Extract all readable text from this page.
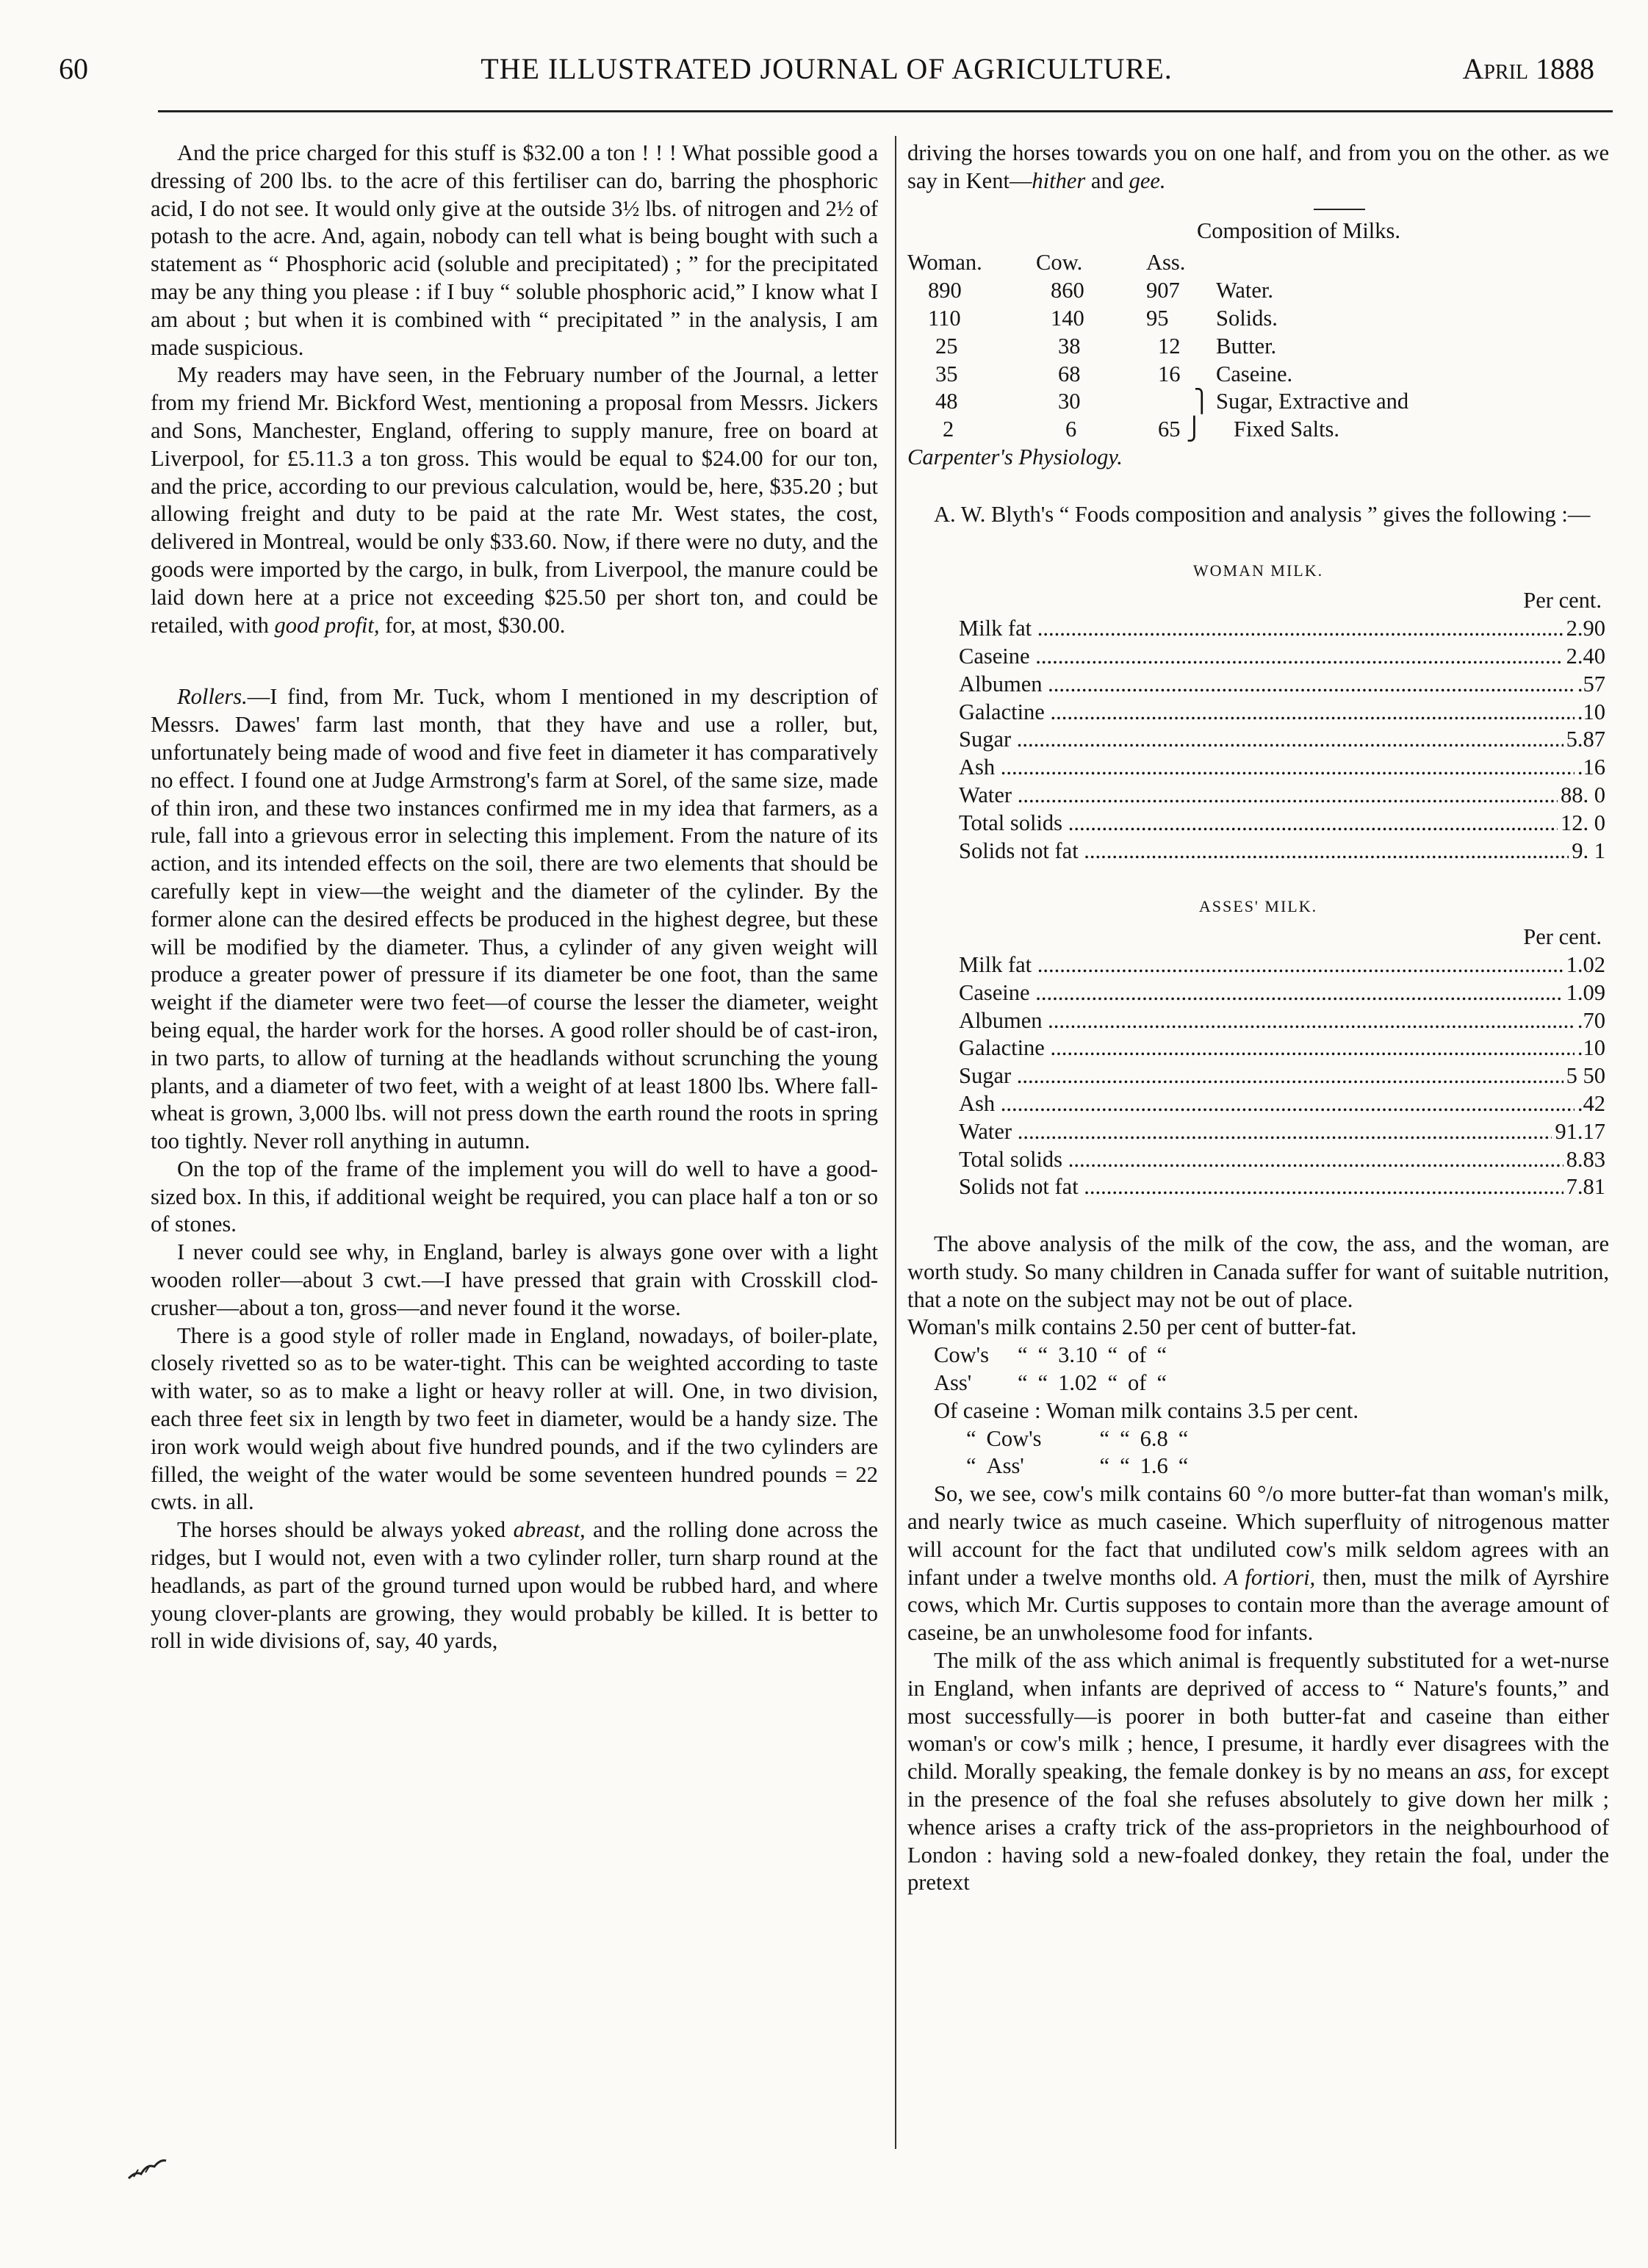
60	THE ILLUSTRATED JOURNAL OF AGRICULTURE.	April 1888

And the price charged for this stuff is $32.00 a ton ! ! ! What possible good a dressing of 200 lbs. to the acre of this fertiliser can do, barring the phosphoric acid, I do not see. It would only give at the outside 3½ lbs. of nitrogen and 2½ of potash to the acre. And, again, nobody can tell what is being bought with such a statement as “ Phosphoric acid (soluble and precipitated) ; ” for the precipitated may be any thing you please : if I buy “ soluble phosphoric acid,” I know what I am about ; but when it is combined with “ precipitated ” in the analysis, I am made suspicious.

My readers may have seen, in the February number of the Journal, a letter from my friend Mr. Bickford West, mentioning a proposal from Messrs. Jickers and Sons, Manchester, England, offering to supply manure, free on board at Liverpool, for £5.11.3 a ton gross. This would be equal to $24.00 for our ton, and the price, according to our previous calculation, would be, here, $35.20 ; but allowing freight and duty to be paid at the rate Mr. West states, the cost, delivered in Montreal, would be only $33.60. Now, if there were no duty, and the goods were imported by the cargo, in bulk, from Liverpool, the manure could be laid down here at a price not exceeding $25.50 per short ton, and could be retailed, with good profit, for, at most, $30.00.

Rollers.—I find, from Mr. Tuck, whom I mentioned in my description of Messrs. Dawes' farm last month, that they have and use a roller, but, unfortunately being made of wood and five feet in diameter it has comparatively no effect. I found one at Judge Armstrong's farm at Sorel, of the same size, made of thin iron, and these two instances confirmed me in my idea that farmers, as a rule, fall into a grievous error in selecting this implement. From the nature of its action, and its intended effects on the soil, there are two elements that should be carefully kept in view—the weight and the diameter of the cylinder. By the former alone can the desired effects be produced in the highest degree, but these will be modified by the diameter. Thus, a cylinder of any given weight will produce a greater power of pressure if its diameter be one foot, than the same weight if the diameter were two feet—of course the lesser the diameter, weight being equal, the harder work for the horses. A good roller should be of cast-iron, in two parts, to allow of turning at the headlands without scrunching the young plants, and a diameter of two feet, with a weight of at least 1800 lbs. Where fall-wheat is grown, 3,000 lbs. will not press down the earth round the roots in spring too tightly. Never roll anything in autumn.

On the top of the frame of the implement you will do well to have a good-sized box. In this, if additional weight be required, you can place half a ton or so of stones.

I never could see why, in England, barley is always gone over with a light wooden roller—about 3 cwt.—I have pressed that grain with Crosskill clod-crusher—about a ton, gross—and never found it the worse.

There is a good style of roller made in England, nowadays, of boiler-plate, closely rivetted so as to be water-tight. This can be weighted according to taste with water, so as to make a light or heavy roller at will. One, in two division, each three feet six in length by two feet in diameter, would be a handy size. The iron work would weigh about five hundred pounds, and if the two cylinders are filled, the weight of the water would be some seventeen hundred pounds = 22 cwts. in all.

The horses should be always yoked abreast, and the rolling done across the ridges, but I would not, even with a two cylinder roller, turn sharp round at the headlands, as part of the ground turned upon would be rubbed hard, and where young clover-plants are growing, they would probably be killed. It is better to roll in wide divisions of, say, 40 yards,

driving the horses towards you on one half, and from you on the other. as we say in Kent—hither and gee.

Composition of Milks.
Woman.	Cow.	Ass.	
890	860	907	Water.
110	140	95	Solids.
25	38	12	Butter.
35	68	16	Caseine.
48	30	⎫	Sugar, Extractive and
2	6	65 ⎭	Fixed Salts.
Carpenter's Physiology.

A. W. Blyth's “ Foods composition and analysis ” gives the following :—

WOMAN MILK.
Per cent.
Milk fat .....	2.90
Caseine .....	2.40
Albumen .....	.57
Galactine .....	.10
Sugar .....	5.87
Ash .....	.16
Water .....	88. 0
Total solids .....	12. 0
Solids not fat .....	9. 1
ASSES' MILK.
Per cent.
Milk fat .....	1.02
Caseine .....	1.09
Albumen .....	.70
Galactine .....	.10
Sugar .....	5 50
Ash .....	.42
Water .....	91.17
Total solids .....	8.83
Solids not fat .....	7.81

The above analysis of the milk of the cow, the ass, and the woman, are worth study. So many children in Canada suffer for want of suitable nutrition, that a note on the subject may not be out of place.

Woman's milk contains 2.50 per cent of butter-fat.

Cow's	“	“	3.10	“	of	“
Ass'	“	“	1.02	“	of	“

Of caseine : Woman milk contains 3.5 per cent.

“	Cow's	“	“	6.8	“
“	Ass'	“	“	1.6	“

So, we see, cow's milk contains 60 °/o more butter-fat than woman's milk, and nearly twice as much caseine. Which superfluity of nitrogenous matter will account for the fact that undiluted cow's milk seldom agrees with an infant under a twelve months old. A fortiori, then, must the milk of Ayrshire cows, which Mr. Curtis supposes to contain more than the average amount of caseine, be an unwholesome food for infants.

The milk of the ass which animal is frequently substituted for a wet-nurse in England, when infants are deprived of access to “ Nature's founts,” and most successfully—is poorer in both butter-fat and caseine than either woman's or cow's milk ; hence, I presume, it hardly ever disagrees with the child. Morally speaking, the female donkey is by no means an ass, for except in the presence of the foal she refuses absolutely to give down her milk ; whence arises a crafty trick of the ass-proprietors in the neighbourhood of London : having sold a new-foaled donkey, they retain the foal, under the pretext
